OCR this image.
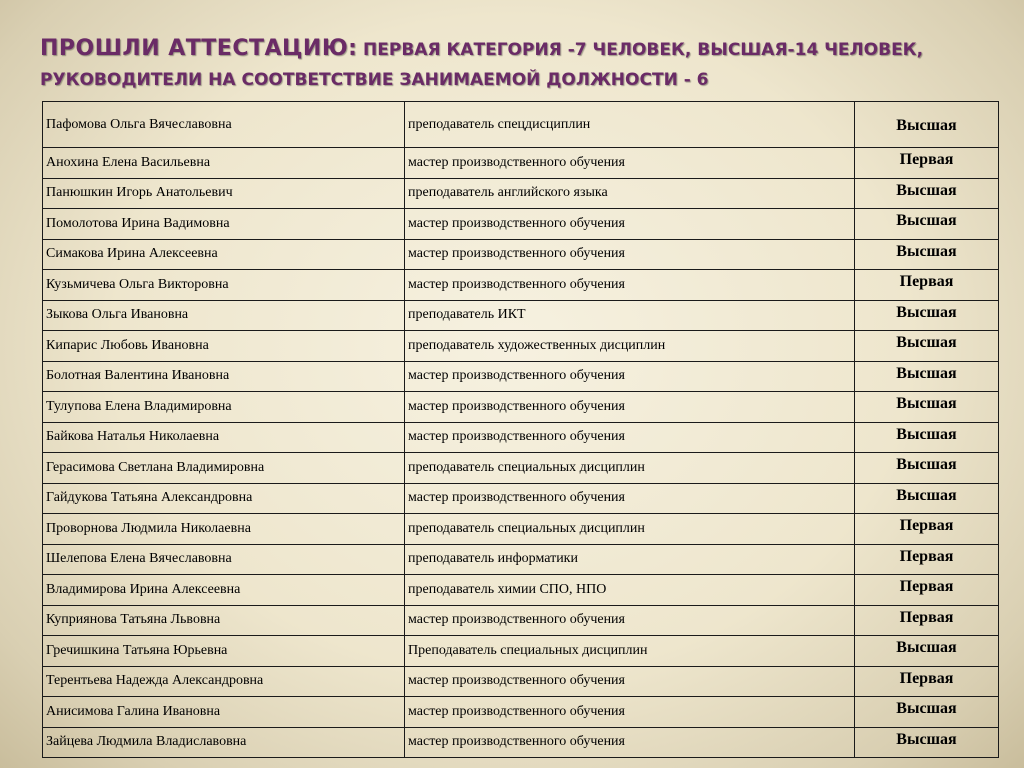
ПРОШЛИ АТТЕСТАЦИЮ: ПЕРВАЯ КАТЕГОРИЯ -7 ЧЕЛОВЕК, ВЫСШАЯ-14 ЧЕЛОВЕК, РУКОВОДИТЕЛИ НА СООТВЕТСТВИЕ ЗАНИМАЕМОЙ ДОЛЖНОСТИ - 6
Пафомова Ольга Вячеславовна	преподаватель спецдисциплин	Высшая
Анохина Елена Васильевна	мастер производственного обучения	Первая
Панюшкин Игорь Анатольевич	преподаватель английского языка	Высшая
Помолотова Ирина Вадимовна	мастер производственного обучения	Высшая
Симакова Ирина Алексеевна	мастер производственного обучения	Высшая
Кузьмичева Ольга Викторовна	мастер производственного обучения	Первая
Зыкова Ольга Ивановна	преподаватель ИКТ	Высшая
Кипарис Любовь Ивановна	преподаватель художественных дисциплин	Высшая
Болотная Валентина Ивановна	мастер производственного обучения	Высшая
Тулупова Елена Владимировна	мастер производственного обучения	Высшая
Байкова Наталья Николаевна	мастер производственного обучения	Высшая
Герасимова Светлана Владимировна	преподаватель специальных дисциплин	Высшая
Гайдукова Татьяна Александровна	мастер производственного обучения	Высшая
Проворнова Людмила Николаевна	преподаватель специальных дисциплин	Первая
Шелепова Елена Вячеславовна	преподаватель информатики	Первая
Владимирова Ирина Алексеевна	преподаватель химии СПО, НПО	Первая
Куприянова Татьяна Львовна	мастер производственного обучения	Первая
Гречишкина Татьяна Юрьевна	Преподаватель специальных дисциплин	Высшая
Терентьева Надежда Александровна	мастер производственного обучения	Первая
Анисимова Галина Ивановна	мастер производственного обучения	Высшая
Зайцева Людмила Владиславовна	мастер производственного обучения	Высшая
